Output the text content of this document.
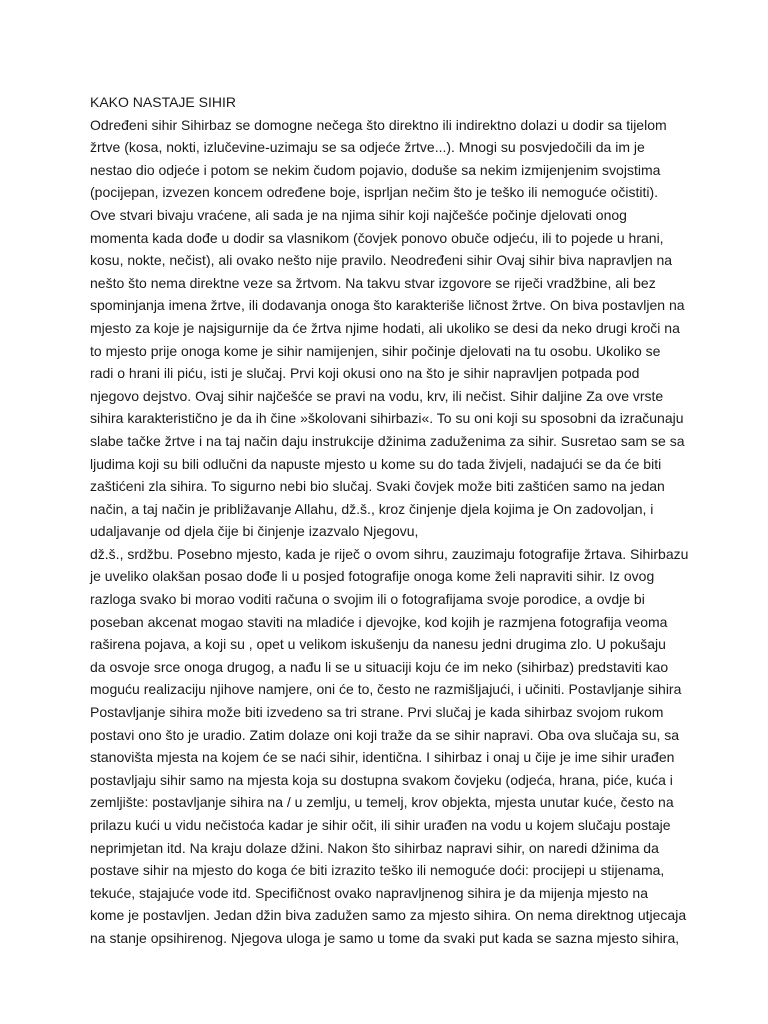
KAKO NASTAJE SIHIR
Određeni sihir Sihirbaz se domogne nečega što direktno ili indirektno dolazi u dodir sa tijelom
žrtve (kosa, nokti, izlučevine-uzimaju se sa odjeće žrtve...). Mnogi su posvjedočili da im je
nestao dio odjeće i potom se nekim čudom pojavio, doduše sa nekim izmijenjenim svojstima
(pocijepan, izvezen koncem određene boje, isprljan nečim što je teško ili nemoguće očistiti).
Ove stvari bivaju vraćene, ali sada je na njima sihir koji najčešće počinje djelovati onog
momenta kada dođe u dodir sa vlasnikom (čovjek ponovo obuče odjeću, ili to pojede u hrani,
kosu, nokte, nečist), ali ovako nešto nije pravilo. Neodređeni sihir Ovaj sihir biva napravljen na
nešto što nema direktne veze sa žrtvom. Na takvu stvar izgovore se riječi vradžbine, ali bez
spominjanja imena žrtve, ili dodavanja onoga što karakteriše ličnost žrtve. On biva postavljen na
mjesto za koje je najsigurnije da će žrtva njime hodati, ali ukoliko se desi da neko drugi kroči na
to mjesto prije onoga kome je sihir namijenjen, sihir počinje djelovati na tu osobu. Ukoliko se
radi o hrani ili piću, isti je slučaj. Prvi koji okusi ono na što je sihir napravljen potpada pod
njegovo dejstvo. Ovaj sihir najčešće se pravi na vodu, krv, ili nečist. Sihir daljine Za ove vrste
sihira karakteristično je da ih čine »školovani sihirbazi«. To su oni koji su sposobni da izračunaju
slabe tačke žrtve i na taj način daju instrukcije džinima zaduženima za sihir. Susretao sam se sa
ljudima koji su bili odlučni da napuste mjesto u kome su do tada živjeli, nadajući se da će biti
zaštićeni zla sihira. To sigurno nebi bio slučaj. Svaki čovjek može biti zaštićen samo na jedan
način, a taj način je približavanje Allahu, dž.š., kroz činjenje djela kojima je On zadovoljan, i
udaljavanje od djela čije bi činjenje izazvalo Njegovu,
dž.š., srdžbu. Posebno mjesto, kada je riječ o ovom sihru, zauzimaju fotografije žrtava. Sihirbazu
je uveliko olakšan posao dođe li u posjed fotografije onoga kome želi napraviti sihir. Iz ovog
razloga svako bi morao voditi računa o svojim ili o fotografijama svoje porodice, a ovdje bi
poseban akcenat mogao staviti na mladiće i djevojke, kod kojih je razmjena fotografija veoma
raširena pojava, a koji su , opet u velikom iskušenju da nanesu jedni drugima zlo. U pokušaju
da osvoje srce onoga drugog, a nađu li se u situaciji koju će im neko (sihirbaz) predstaviti kao
moguću realizaciju njihove namjere, oni će to, često ne razmišljajući, i učiniti. Postavljanje sihira
Postavljanje sihira može biti izvedeno sa tri strane. Prvi slučaj je kada sihirbaz svojom rukom
postavi ono što je uradio. Zatim dolaze oni koji traže da se sihir napravi. Oba ova slučaja su, sa
stanovišta mjesta na kojem će se naći sihir, identična. I sihirbaz i onaj u čije je ime sihir urađen
postavljaju sihir samo na mjesta koja su dostupna svakom čovjeku (odjeća, hrana, piće, kuća i
zemljište: postavljanje sihira na / u zemlju, u temelj, krov objekta, mjesta unutar kuće, često na
prilazu kući u vidu nečistoća kadar je sihir očit, ili sihir urađen na vodu u kojem slučaju postaje
neprimjetan itd. Na kraju dolaze džini. Nakon što sihirbaz napravi sihir, on naredi džinima da
postave sihir na mjesto do koga će biti izrazito teško ili nemoguće doći: procijepi u stijenama,
tekuće, stajajuće vode itd. Specifičnost ovako napravljnenog sihira je da mijenja mjesto na
kome je postavljen. Jedan džin biva zadužen samo za mjesto sihira. On nema direktnog utjecaja
na stanje opsihirenog. Njegova uloga je samo u tome da svaki put kada se sazna mjesto sihira,
